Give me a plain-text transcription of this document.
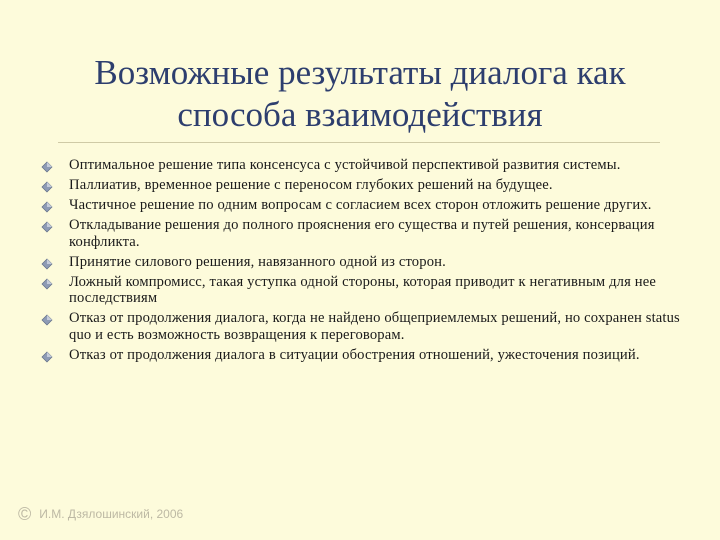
Возможные результаты диалога как
способа взаимодействия
Оптимальное решение типа консенсуса с устойчивой перспективой развития системы.
Паллиатив, временное решение с переносом глубоких решений на будущее.
Частичное решение по одним вопросам с согласием всех сторон отложить решение других.
Откладывание решения до полного прояснения его существа и путей решения, консервация конфликта.
Принятие силового решения, навязанного одной из сторон.
Ложный компромисс, такая уступка одной стороны, которая приводит к негативным для нее последствиям
Отказ от продолжения диалога, когда не найдено общеприемлемых решений, но сохранен status quo и есть возможность возвращения к переговорам.
Отказ от продолжения диалога в ситуации обострения отношений, ужесточения позиций.
© И.М. Дзялошинский, 2006
